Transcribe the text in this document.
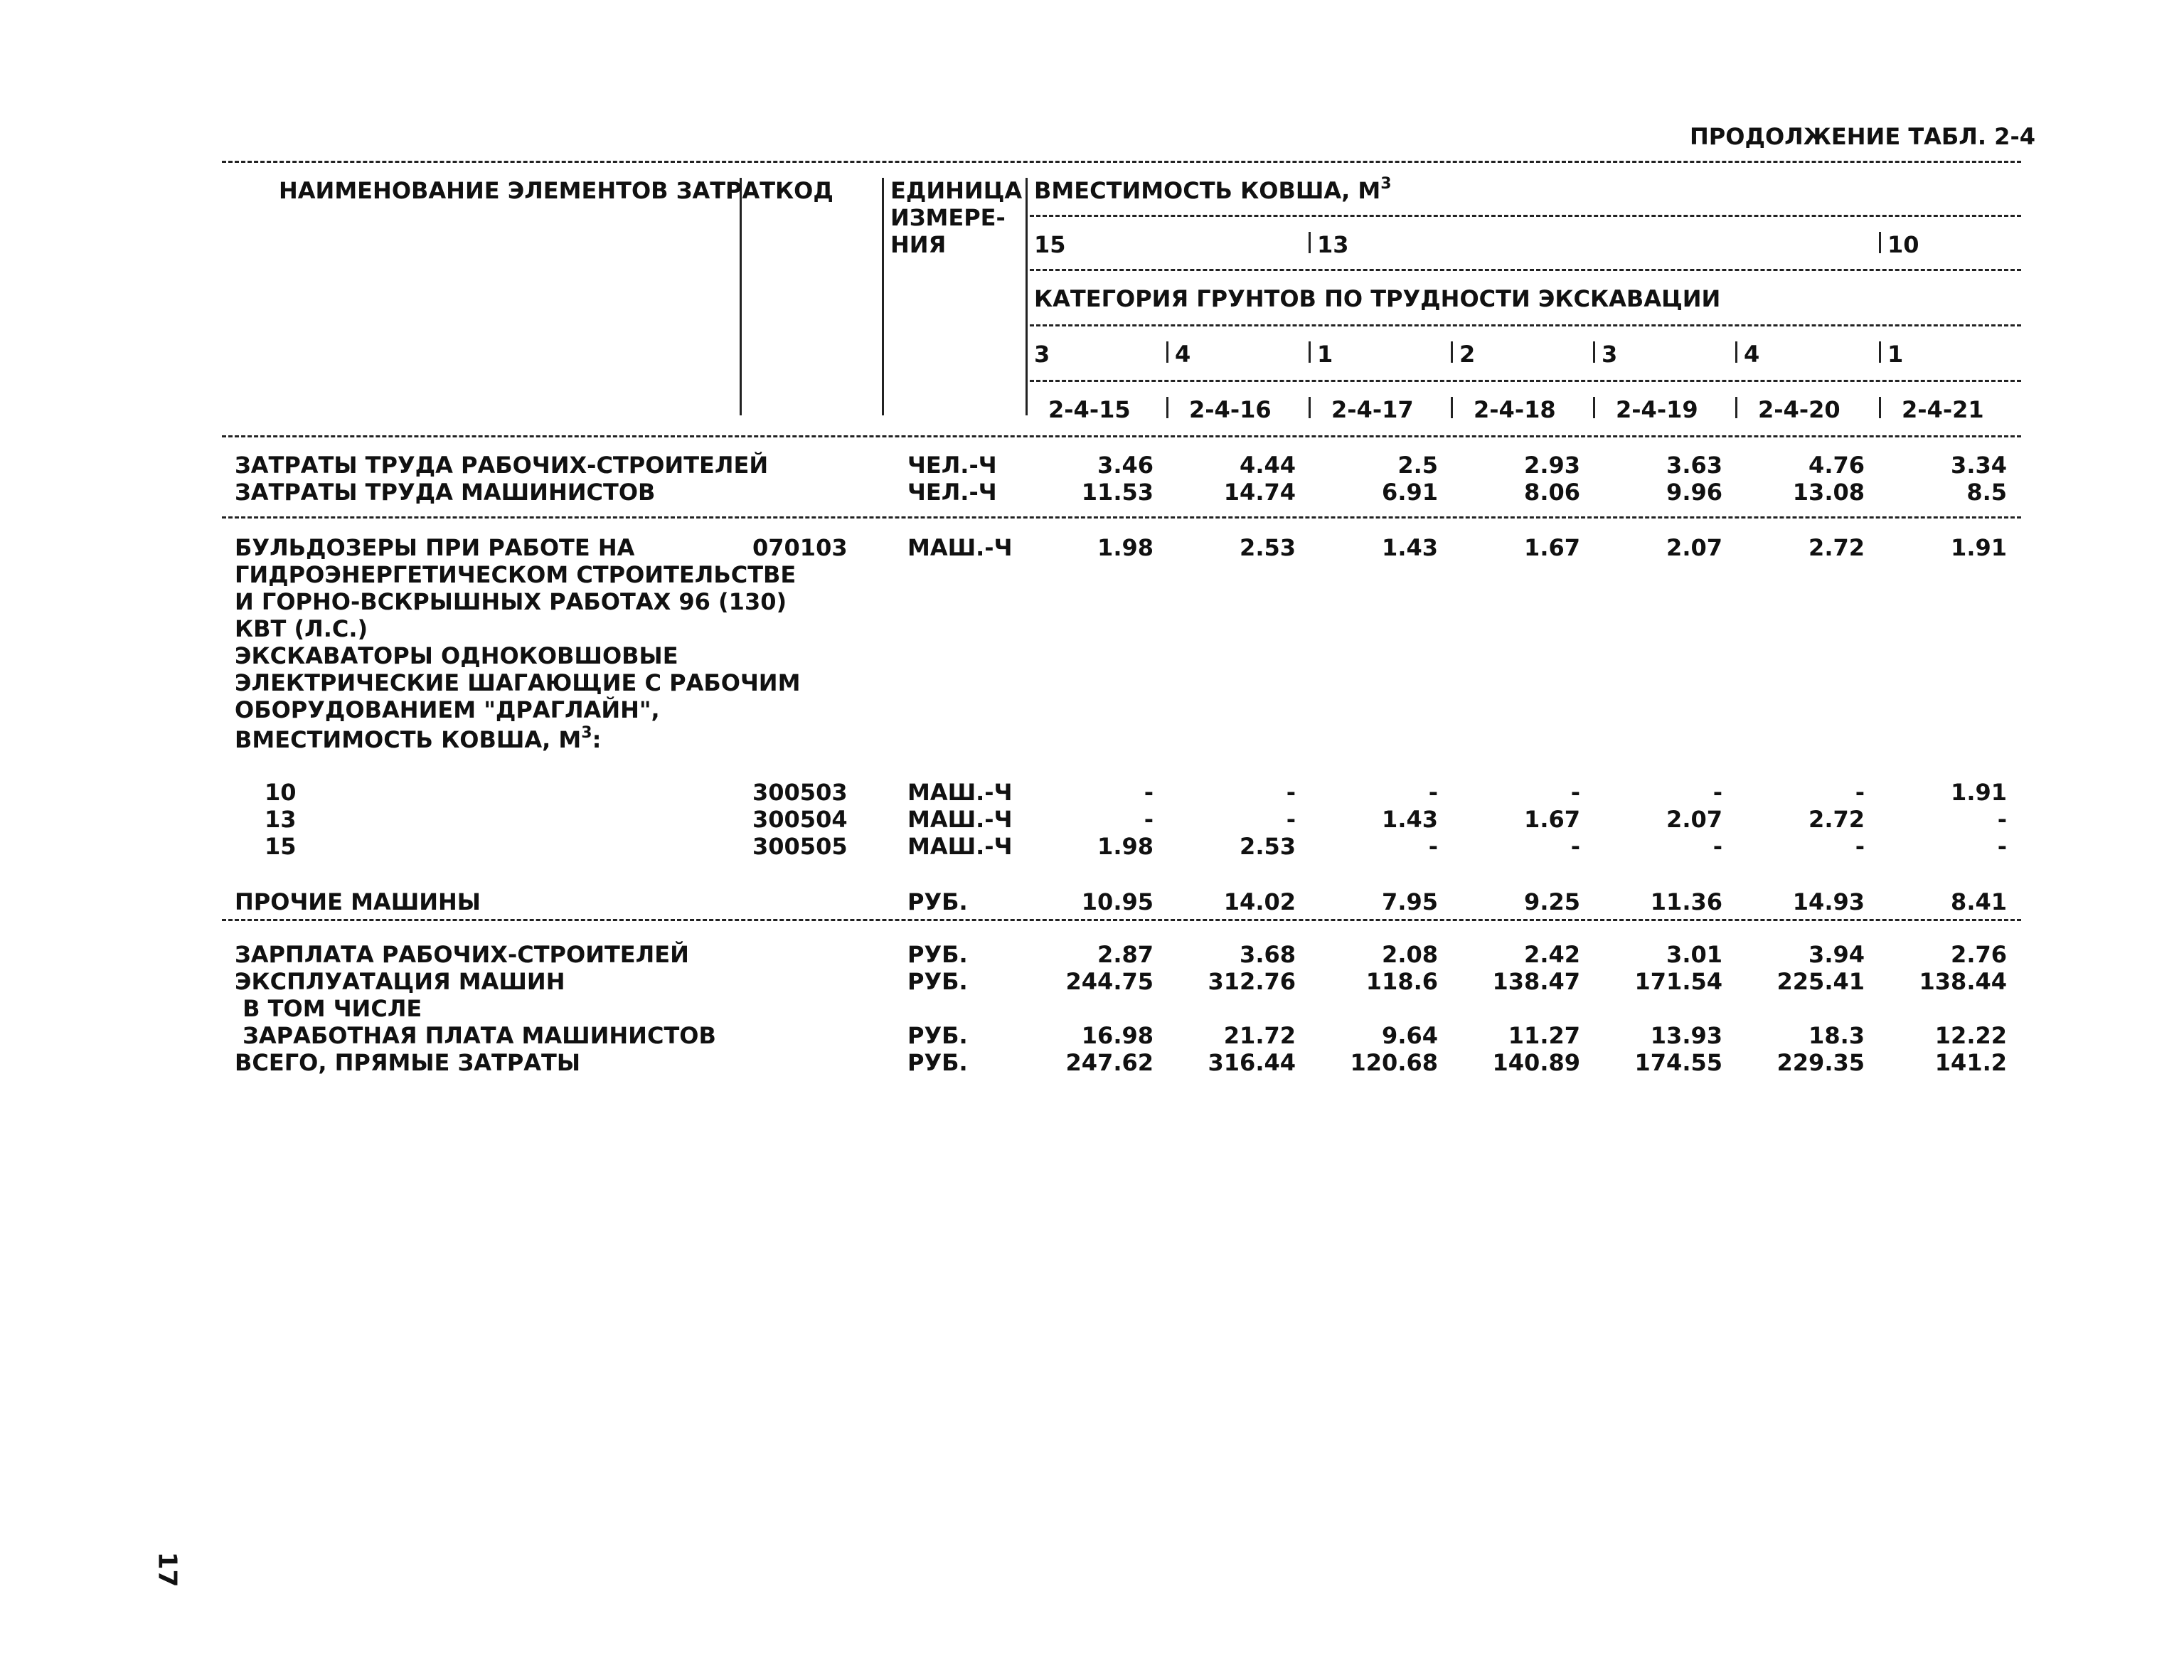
ПРОДОЛЖЕНИЕ ТАБЛ. 2-4
НАИМЕНОВАНИЕ ЭЛЕМЕНТОВ ЗАТРАТ КОД	ЕДИНИЦА
ИЗМЕРЕ-
НИЯ
ВМЕСТИМОСТЬ КОВША, $М^3$
15	13	10
КАТЕГОРИЯ ГРУНТОВ ПО ТРУДНОСТИ ЭКСКАВАЦИИ
3	4	1	2	3	4	1
2-4-15	2-4-16	2-4-17	2-4-18	2-4-19	2-4-20	2-4-21
ЗАТРАТЫ ТРУДА РАБОЧИХ-СТРОИТЕЛЕЙ	ЧЕЛ.-Ч	3.46	4.44	2.5	2.93	3.63	4.76	3.34
ЗАТРАТЫ ТРУДА МАШИНИСТОВ	ЧЕЛ.-Ч	11.53	14.74	6.91	8.06	9.96	13.08	8.5
БУЛЬДОЗЕРЫ ПРИ РАБОТЕ НА
ГИДРОЭНЕРГЕТИЧЕСКОМ СТРОИТЕЛЬСТВЕ
И ГОРНО-ВСКРЫШНЫХ РАБОТАХ 96 (130)
КВТ (Л.С.)
070103	МАШ.-Ч	1.98	2.53	1.43	1.67	2.07	2.72	1.91
ЭКСКАВАТОРЫ ОДНОКОВШОВЫЕ
ЭЛЕКТРИЧЕСКИЕ ШАГАЮЩИЕ С РАБОЧИМ
ОБОРУДОВАНИЕМ "ДРАГЛАЙН",
ВМЕСТИМОСТЬ КОВША, $М^3$:
10	300503	МАШ.-Ч	-	-	-	-	-	-	1.91
13	300504	МАШ.-Ч	-	-	1.43	1.67	2.07	2.72	-
15	300505	МАШ.-Ч	1.98	2.53	-	-	-	-	-
ПРОЧИЕ МАШИНЫ	РУБ.	10.95	14.02	7.95	9.25	11.36	14.93	8.41
ЗАРПЛАТА РАБОЧИХ-СТРОИТЕЛЕЙ	РУБ.	2.87	3.68	2.08	2.42	3.01	3.94	2.76
ЭКСПЛУАТАЦИЯ МАШИН	РУБ.	244.75	312.76	118.6	138.47	171.54	225.41	138.44
В ТОМ ЧИСЛЕ
ЗАРАБОТНАЯ ПЛАТА МАШИНИСТОВ	РУБ.	16.98	21.72	9.64	11.27	13.93	18.3	12.22
ВСЕГО, ПРЯМЫЕ ЗАТРАТЫ	РУБ.	247.62	316.44	120.68	140.89	174.55	229.35	141.2
17
